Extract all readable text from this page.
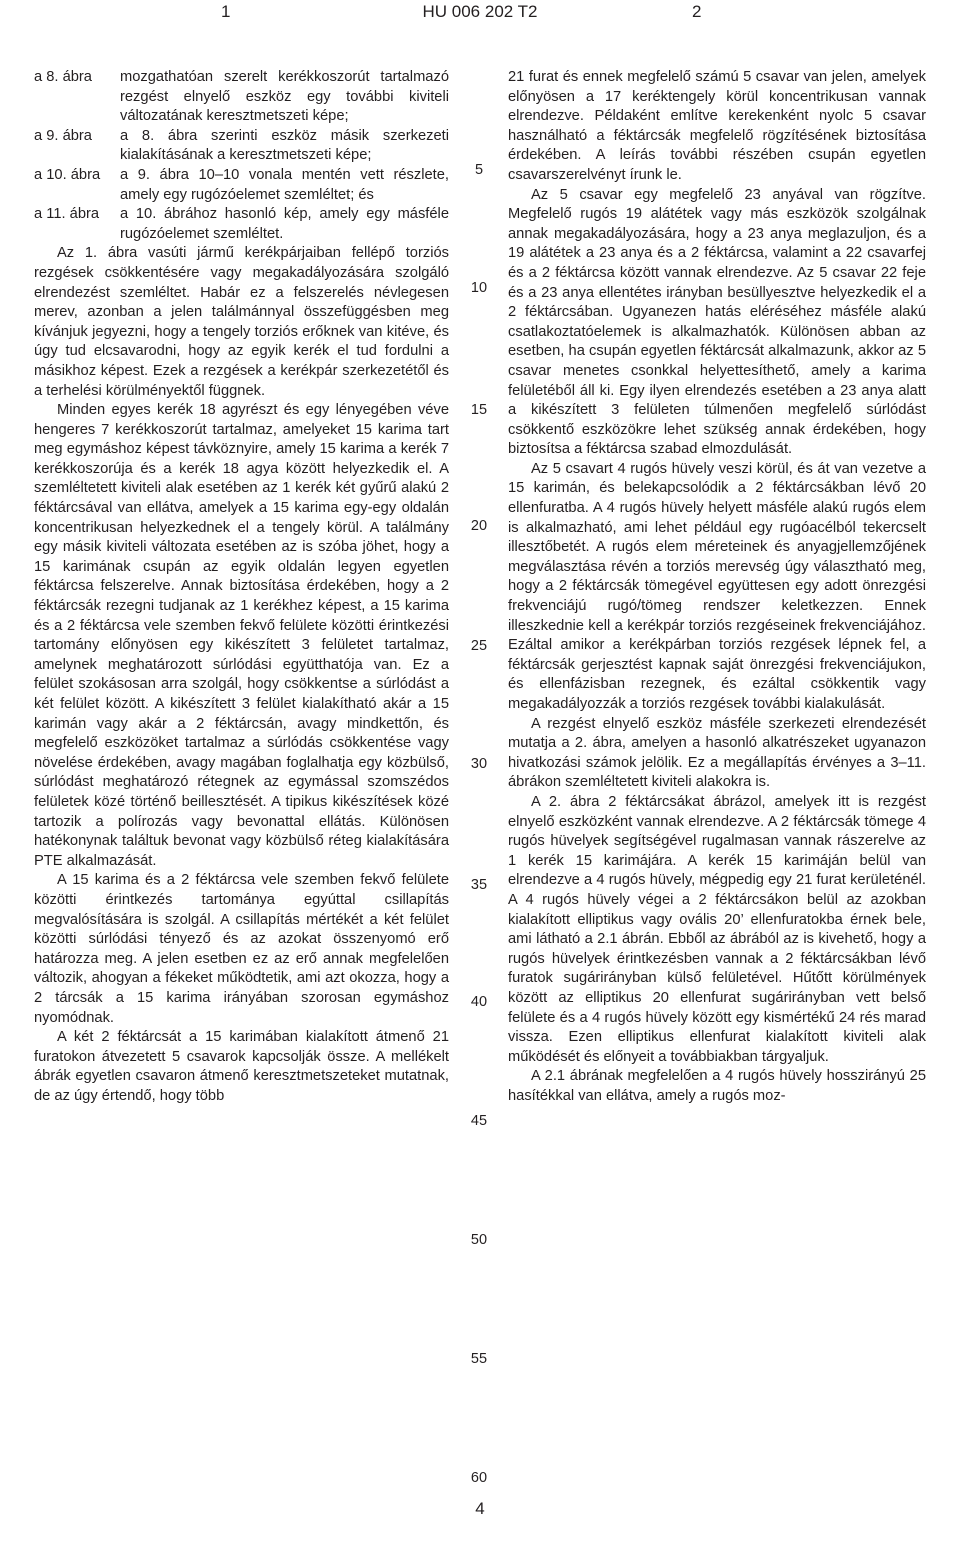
1	HU 006 202 T2	2
a 8. ábra	mozgathatóan szerelt kerékkoszorút tartalmazó rezgést elnyelő eszköz egy további kiviteli változatának keresztmetszeti képe;
a 9. ábra	a 8. ábra szerinti eszköz másik szerkezeti kialakításának a keresztmetszeti képe;
a 10. ábra	a 9. ábra 10–10 vonala mentén vett részlete, amely egy rugózóelemet szemléltet; és
a 11. ábra	a 10. ábrához hasonló kép, amely egy másféle rugózóelemet szemléltet.

Az 1. ábra vasúti jármű kerékpárjaiban fellépő torziós rezgések csökkentésére vagy megakadályozására szolgáló elrendezést szemléltet. Habár ez a felszerelés névlegesen merev, azonban a jelen találmánnyal összefüggésben meg kívánjuk jegyezni, hogy a tengely torziós erőknek van kitéve, és úgy tud elcsavarodni, hogy az egyik kerék el tud fordulni a másikhoz képest. Ezek a rezgések a kerékpár szerkezetétől és a terhelési körülményektől függnek.

Minden egyes kerék 18 agyrészt és egy lényegében véve hengeres 7 kerékkoszorút tartalmaz, amelyeket 15 karima tart meg egymáshoz képest távköznyire, amely 15 karima a kerék 7 kerékkoszorúja és a kerék 18 agya között helyezkedik el. A szemléltetett kiviteli alak esetében az 1 kerék két gyűrű alakú 2 féktárcsával van ellátva, amelyek a 15 karima egy-egy oldalán koncentrikusan helyezkednek el a tengely körül. A találmány egy másik kiviteli változata esetében az is szóba jöhet, hogy a 15 karimának csupán az egyik oldalán legyen egyetlen féktárcsa felszerelve. Annak biztosítása érdekében, hogy a 2 féktárcsák rezegni tudjanak az 1 kerékhez képest, a 15 karima és a 2 féktárcsa vele szemben fekvő felülete közötti érintkezési tartomány előnyösen egy kikészített 3 felületet tartalmaz, amelynek meghatározott súrlódási együtthatója van. Ez a felület szokásosan arra szolgál, hogy csökkentse a súrlódást a két felület között. A kikészített 3 felület kialakítható akár a 15 karimán vagy akár a 2 féktárcsán, avagy mindkettőn, és megfelelő eszközöket tartalmaz a súrlódás csökkentése vagy növelése érdekében, avagy magában foglalhatja egy közbülső, súrlódást meghatározó rétegnek az egymással szomszédos felületek közé történő beillesztését. A tipikus kikészítések közé tartozik a polírozás vagy bevonattal ellátás. Különösen hatékonynak találtuk bevonat vagy közbülső réteg kialakítására PTE alkalmazását.

A 15 karima és a 2 féktárcsa vele szemben fekvő felülete közötti érintkezés tartománya egyúttal csillapítás megvalósítására is szolgál. A csillapítás mértékét a két felület közötti súrlódási tényező és az azokat összenyomó erő határozza meg. A jelen esetben ez az erő annak megfelelően változik, ahogyan a fékeket működtetik, ami azt okozza, hogy a 2 tárcsák a 15 karima irányában szorosan egymáshoz nyomódnak.

A két 2 féktárcsát a 15 karimában kialakított átmenő 21 furatokon átvezetett 5 csavarok kapcsolják össze. A mellékelt ábrák egyetlen csavaron átmenő keresztmetszeteket mutatnak, de az úgy értendő, hogy több

21 furat és ennek megfelelő számú 5 csavar van jelen, amelyek előnyösen a 17 keréktengely körül koncentrikusan vannak elrendezve. Példaként említve kerekenként nyolc 5 csavar használható a féktárcsák megfelelő rögzítésének biztosítása érdekében. A leírás további részében csupán egyetlen csavarszerelvényt írunk le.

Az 5 csavar egy megfelelő 23 anyával van rögzítve. Megfelelő rugós 19 alátétek vagy más eszközök szolgálnak annak megakadályozására, hogy a 23 anya meglazuljon, és a 19 alátétek a 23 anya és a 2 féktárcsa, valamint a 22 csavarfej és a 2 féktárcsa között vannak elrendezve. Az 5 csavar 22 feje és a 23 anya ellentétes irányban besüllyesztve helyezkedik el a 2 féktárcsában. Ugyanezen hatás eléréséhez másféle alakú csatlakoztatóelemek is alkalmazhatók. Különösen abban az esetben, ha csupán egyetlen féktárcsát alkalmazunk, akkor az 5 csavar menetes csonkkal helyettesíthető, amely a karima felületéből áll ki. Egy ilyen elrendezés esetében a 23 anya alatt a kikészített 3 felületen túlmenően megfelelő súrlódást csökkentő eszközökre lehet szükség annak érdekében, hogy biztosítsa a féktárcsa szabad elmozdulását.

Az 5 csavart 4 rugós hüvely veszi körül, és át van vezetve a 15 karimán, és belekapcsolódik a 2 féktárcsákban lévő 20 ellenfuratba. A 4 rugós hüvely helyett másféle alakú rugós elem is alkalmazható, ami lehet például egy rugóacélból tekercselt illesztőbetét. A rugós elem méreteinek és anyagjellemzőjének megválasztása révén a torziós merevség úgy választható meg, hogy a 2 féktárcsák tömegével együttesen egy adott önrezgési frekvenciájú rugó/tömeg rendszer keletkezzen. Ennek illeszkednie kell a kerékpár torziós rezgéseinek frekvenciájához. Ezáltal amikor a kerékpárban torziós rezgések lépnek fel, a féktárcsák gerjesztést kapnak saját önrezgési frekvenciájukon, és ellenfázisban rezegnek, és ezáltal csökkentik vagy megakadályozzák a torziós rezgések további kialakulását.

A rezgést elnyelő eszköz másféle szerkezeti elrendezését mutatja a 2. ábra, amelyen a hasonló alkatrészeket ugyanazon hivatkozási számok jelölik. Ez a megállapítás érvényes a 3–11. ábrákon szemléltetett kiviteli alakokra is.

A 2. ábra 2 féktárcsákat ábrázol, amelyek itt is rezgést elnyelő eszközként vannak elrendezve. A 2 féktárcsák tömege 4 rugós hüvelyek segítségével rugalmasan vannak rászerelve az 1 kerék 15 karimájára. A kerék 15 karimáján belül van elrendezve a 4 rugós hüvely, mégpedig egy 21 furat kerületénél. A 4 rugós hüvely végei a 2 féktárcsákon belül az azokban kialakított elliptikus vagy ovális 20’ ellenfuratokba érnek bele, ami látható a 2.1 ábrán. Ebből az ábrából az is kivehető, hogy a rugós hüvelyek érintkezésben vannak a 2 féktárcsákban lévő furatok sugárirányban külső felületével. Hűtőtt körülmények között az elliptikus 20 ellenfurat sugárirányban vett belső felülete és a 4 rugós hüvely között egy kismértékű 24 rés marad vissza. Ezen elliptikus ellenfurat kialakított kiviteli alak működését és előnyeit a továbbiakban tárgyaljuk.

A 2.1 ábrának megfelelően a 4 rugós hüvely hosszirányú 25 hasítékkal van ellátva, amely a rugós moz-

5
10
15
20
25
30
35
40
45
50
55
60
4
